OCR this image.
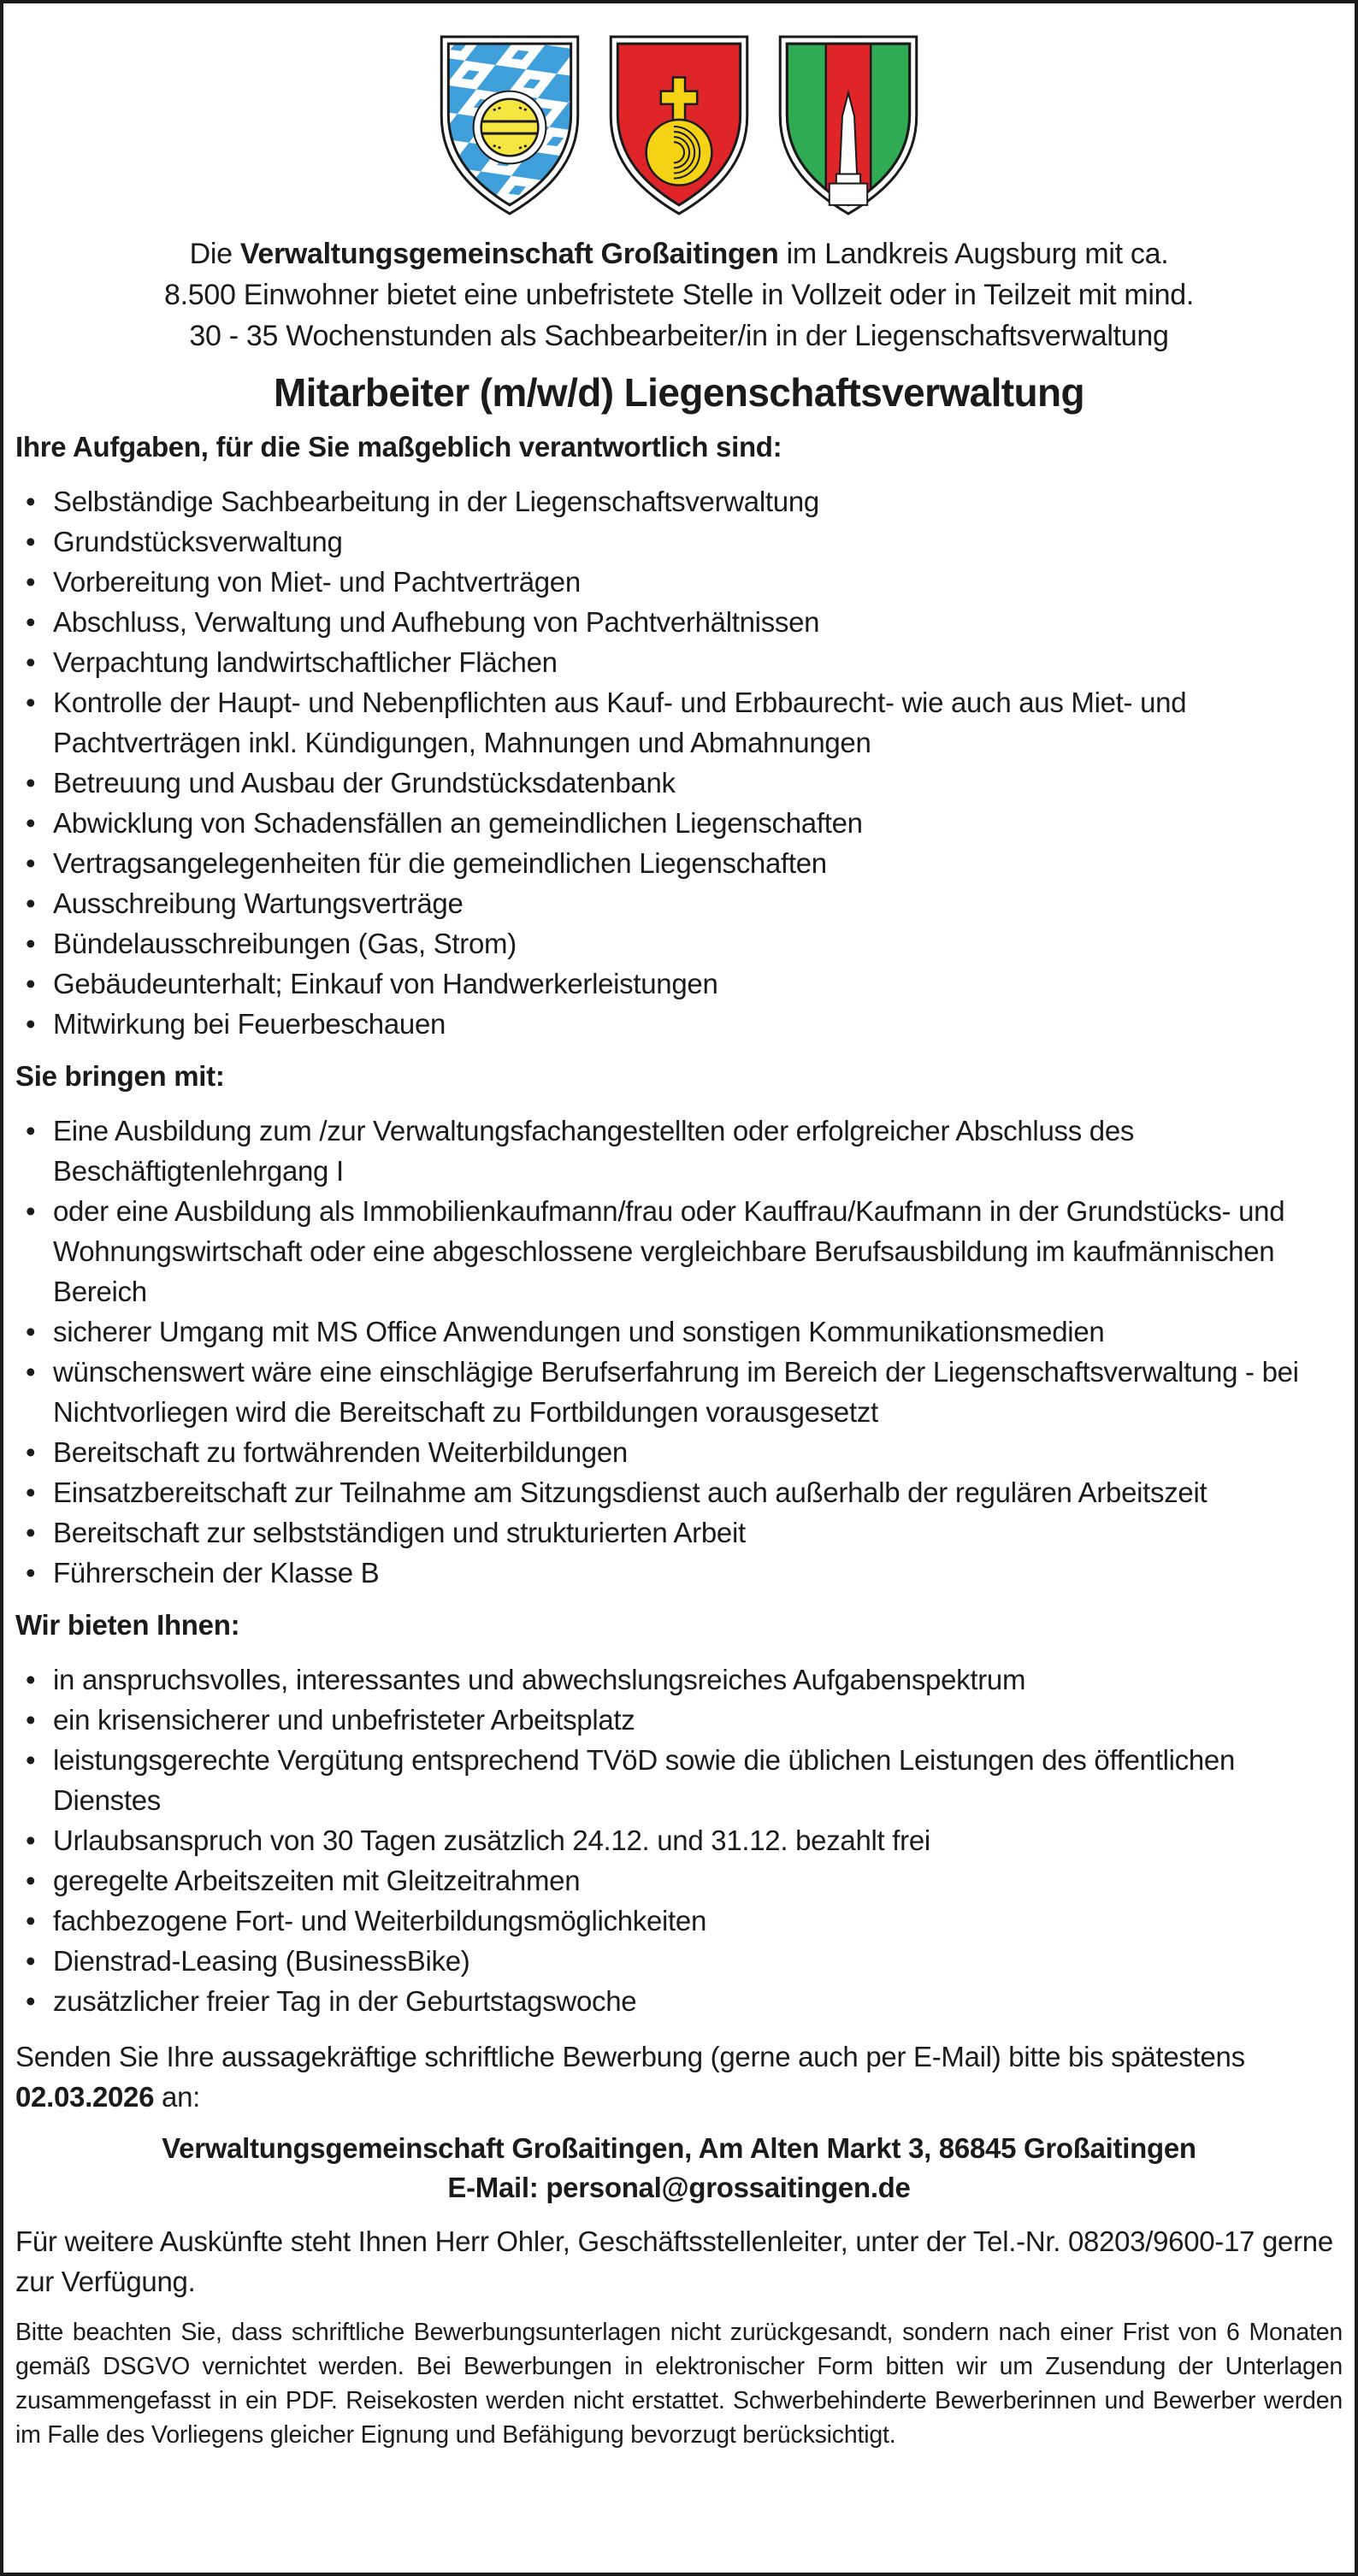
Die Verwaltungsgemeinschaft Großaitingen im Landkreis Augsburg mit ca.
8.500 Einwohner bietet eine unbefristete Stelle in Vollzeit oder in Teilzeit mit mind.
30 - 35 Wochenstunden als Sachbearbeiter/in in der Liegenschaftsverwaltung

Mitarbeiter (m/w/d) Liegenschaftsverwaltung
Ihre Aufgaben, für die Sie maßgeblich verantwortlich sind:
• Selbständige Sachbearbeitung in der Liegenschaftsverwaltung
• Grundstücksverwaltung
• Vorbereitung von Miet- und Pachtverträgen
• Abschluss, Verwaltung und Aufhebung von Pachtverhältnissen
• Verpachtung landwirtschaftlicher Flächen
• Kontrolle der Haupt- und Nebenpflichten aus Kauf- und Erbbaurecht- wie auch aus Miet- und Pachtverträgen inkl. Kündigungen, Mahnungen und Abmahnungen
• Betreuung und Ausbau der Grundstücksdatenbank
• Abwicklung von Schadensfällen an gemeindlichen Liegenschaften
• Vertragsangelegenheiten für die gemeindlichen Liegenschaften
• Ausschreibung Wartungsverträge
• Bündelausschreibungen (Gas, Strom)
• Gebäudeunterhalt; Einkauf von Handwerkerleistungen
• Mitwirkung bei Feuerbeschauen
Sie bringen mit:
• Eine Ausbildung zum /zur Verwaltungsfachangestellten oder erfolgreicher Abschluss des Beschäftigtenlehrgang I
• oder eine Ausbildung als Immobilienkaufmann/frau oder Kauffrau/Kaufmann in der Grundstücks- und Wohnungswirtschaft oder eine abgeschlossene vergleichbare Berufsausbildung im kaufmännischen Bereich
• sicherer Umgang mit MS Office Anwendungen und sonstigen Kommunikationsmedien
• wünschenswert wäre eine einschlägige Berufserfahrung im Bereich der Liegenschaftsverwaltung - bei Nichtvorliegen wird die Bereitschaft zu Fortbildungen vorausgesetzt
• Bereitschaft zu fortwährenden Weiterbildungen
• Einsatzbereitschaft zur Teilnahme am Sitzungsdienst auch außerhalb der regulären Arbeitszeit
• Bereitschaft zur selbstständigen und strukturierten Arbeit
• Führerschein der Klasse B
Wir bieten Ihnen:
• in anspruchsvolles, interessantes und abwechslungsreiches Aufgabenspektrum
• ein krisensicherer und unbefristeter Arbeitsplatz
• leistungsgerechte Vergütung entsprechend TVöD sowie die üblichen Leistungen des öffentlichen Dienstes
• Urlaubsanspruch von 30 Tagen zusätzlich 24.12. und 31.12. bezahlt frei
• geregelte Arbeitszeiten mit Gleitzeitrahmen
• fachbezogene Fort- und Weiterbildungsmöglichkeiten
• Dienstrad-Leasing (BusinessBike)
• zusätzlicher freier Tag in der Geburtstagswoche

Senden Sie Ihre aussagekräftige schriftliche Bewerbung (gerne auch per E-Mail) bitte bis spätestens 02.03.2026 an:

Verwaltungsgemeinschaft Großaitingen, Am Alten Markt 3, 86845 Großaitingen
E-Mail: personal@grossaitingen.de

Für weitere Auskünfte steht Ihnen Herr Ohler, Geschäftsstellenleiter, unter der Tel.-Nr. 08203/9600-17 gerne zur Verfügung.

Bitte beachten Sie, dass schriftliche Bewerbungsunterlagen nicht zurückgesandt, sondern nach einer Frist von 6 Monaten gemäß DSGVO vernichtet werden. Bei Bewerbungen in elektronischer Form bitten wir um Zusendung der Unterlagen zusammengefasst in ein PDF. Reisekosten werden nicht erstattet. Schwerbehinderte Bewerberinnen und Bewerber werden im Falle des Vorliegens gleicher Eignung und Befähigung bevorzugt berücksichtigt.
